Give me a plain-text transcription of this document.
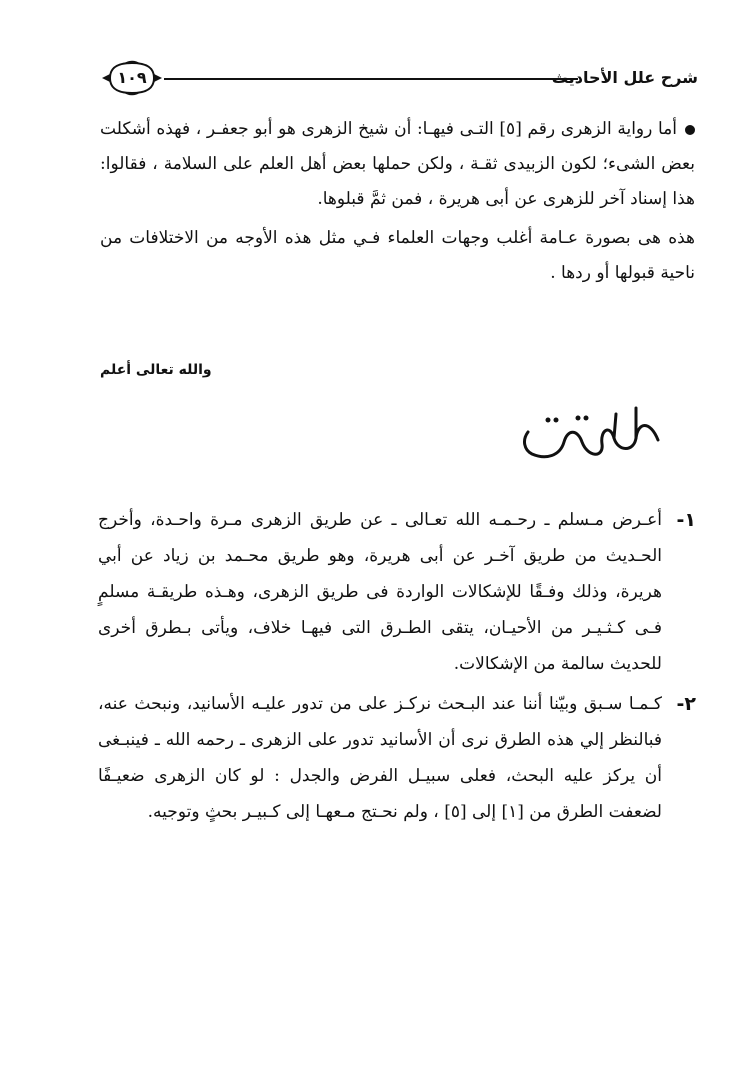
١٠٩	شرح علل الأحاديث

أما رواية الزهرى رقم [٥] التـى فيهـا: أن شيخ الزهرى هو أبو جعفـر ، فهذه أشكلت بعض الشىء؛ لكون الزبيدى ثقـة ، ولكن حملها بعض أهل العلم على السلامة ، فقالوا: هذا إسناد آخر للزهرى عن أبى هريرة ، فمن ثمَّ قبلوها.

هذه هى بصورة عـامة أغلب وجهات العلماء فـي مثل هذه الأوجه من الاختلافات من ناحية قبولها أو ردها .

والله تعالى أعلم
ملاحظات
١-
أعـرض مـسلم ـ رحـمـه الله تعـالى ـ عن طريق الزهرى مـرة واحـدة، وأخرج الحـديث من طريق آخـر عن أبى هريرة، وهو طريق محـمد بن زياد عن أبي هريرة، وذلك وفـقًا للإشكالات الواردة فى طريق الزهرى، وهـذه طريقـة مسلمٍ فـى كـثـيـر من الأحيـان، يتقى الطـرق التى فيهـا خلاف، ويأتى بـطرق أخرى للحديث سالمة من الإشكالات.
٢-
كـمـا سـبق وبيّنا أننا عند البـحث نركـز على من تدور عليـه الأسانيد، ونبحث عنه، فبالنظر إلي هذه الطرق نرى أن الأسانيد تدور على الزهرى ـ رحمه الله ـ فينبـغى أن يركز عليه البحث، فعلى سبيـل الفرض والجدل : لو كان الزهرى ضعيـفًا لضعفت الطرق من [١] إلى [٥] ، ولم نحـتج مـعهـا إلى كـبيـر بحثٍ وتوجيه.
